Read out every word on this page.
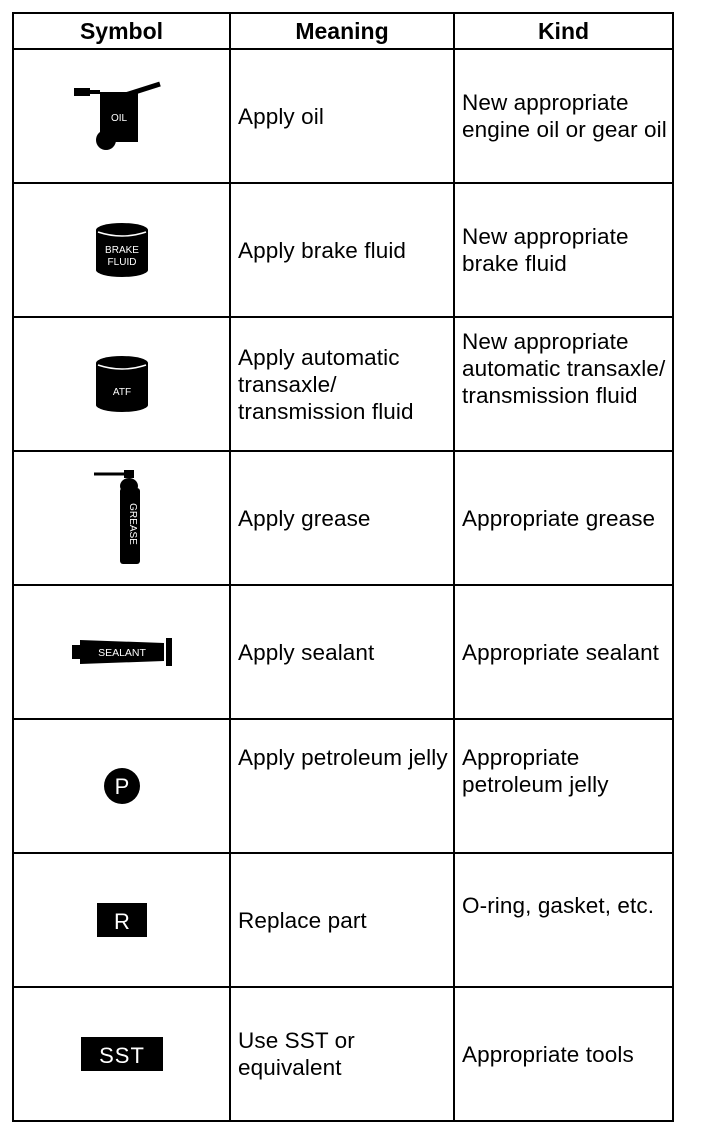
Symbol	Meaning	Kind

OIL	Apply oil	New appropriate engine oil or gear oil

BRAKE
FLUID	Apply brake fluid	New appropriate brake fluid

ATF	Apply automatic transaxle/ transmission fluid	New appropriate automatic transaxle/ transmission fluid

GREASE	Apply grease	Appropriate grease

SEALANT	Apply sealant	Appropriate sealant

P	Apply petroleum jelly	Appropriate petroleum jelly

R	Replace part	O-ring, gasket, etc.

SST	Use SST or equivalent	Appropriate tools
